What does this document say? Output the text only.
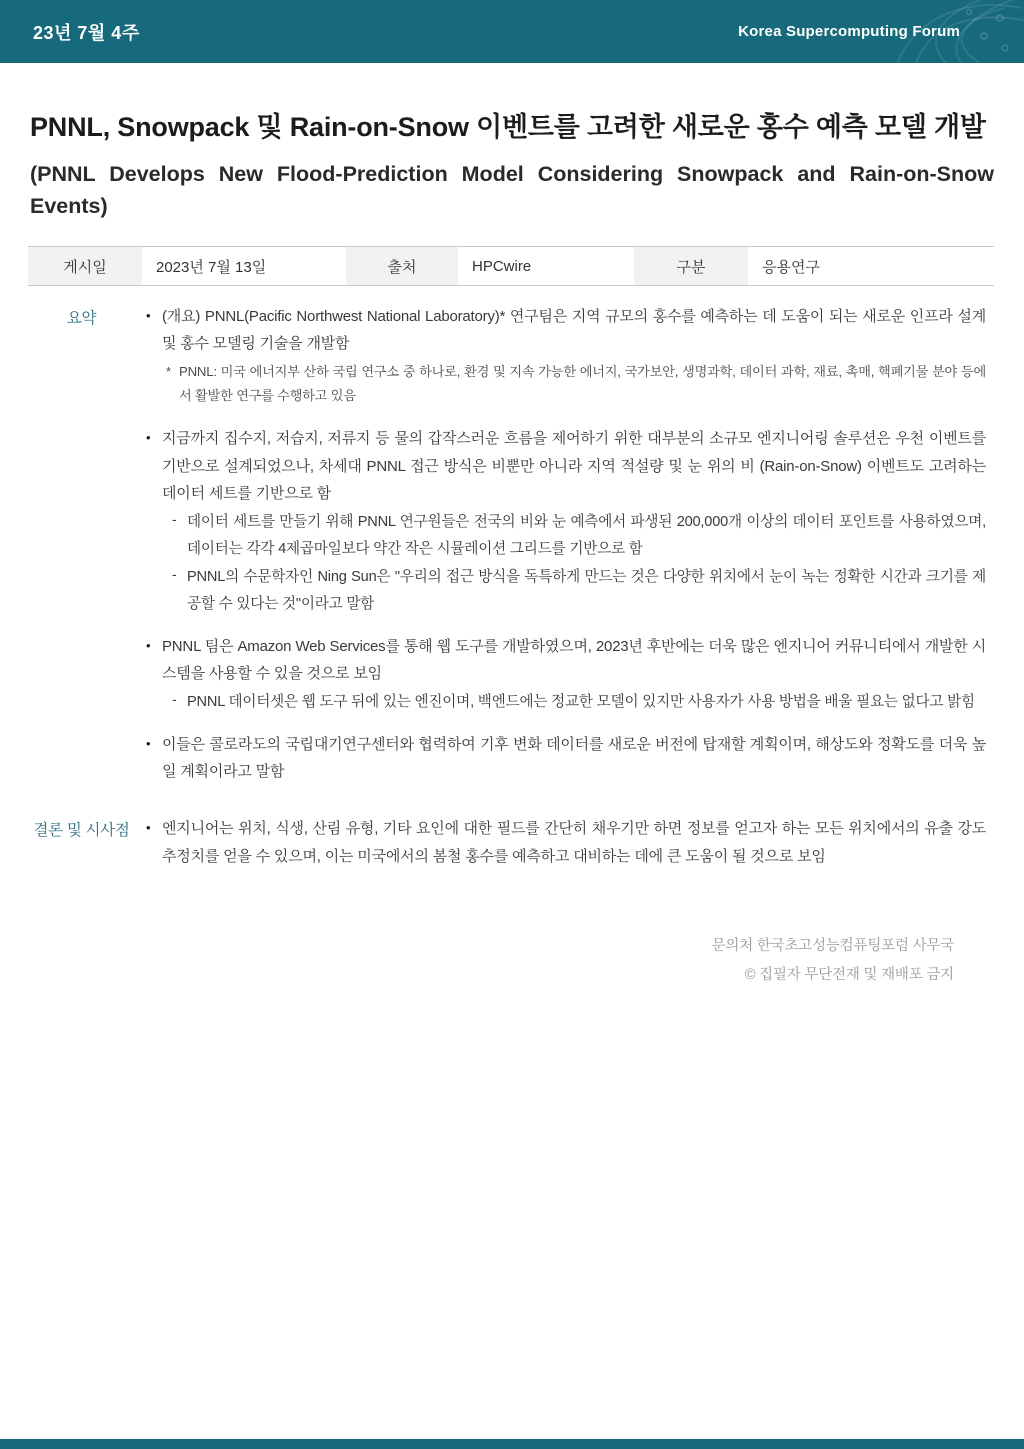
23년 7월 4주	Korea Supercomputing Forum
PNNL, Snowpack 및 Rain-on-Snow 이벤트를 고려한 새로운 홍수 예측 모델 개발
(PNNL Develops New Flood-Prediction Model Considering Snowpack and Rain-on-Snow Events)
게시일	2023년 7월 13일	출처	HPCwire	구분	응용연구
요약	• (개요) PNNL(Pacific Northwest National Laboratory)* 연구팀은 지역 규모의 홍수를 예측하는 데 도움이 되는 새로운 인프라 설계 및 홍수 모델링 기술을 개발함
* PNNL: 미국 에너지부 산하 국립 연구소 중 하나로, 환경 및 지속 가능한 에너지, 국가보안, 생명과학, 데이터 과학, 재료, 촉매, 핵폐기물 분야 등에서 활발한 연구를 수행하고 있음
• 지금까지 집수지, 저습지, 저류지 등 물의 갑작스러운 흐름을 제어하기 위한 대부분의 소규모 엔지니어링 솔루션은 우천 이벤트를 기반으로 설계되었으나, 차세대 PNNL 접근 방식은 비뿐만 아니라 지역 적설량 및 눈 위의 비 (Rain-on-Snow) 이벤트도 고려하는 데이터 세트를 기반으로 함
- 데이터 세트를 만들기 위해 PNNL 연구원들은 전국의 비와 눈 예측에서 파생된 200,000개 이상의 데이터 포인트를 사용하였으며, 데이터는 각각 4제곱마일보다 약간 작은 시뮬레이션 그리드를 기반으로 함
- PNNL의 수문학자인 Ning Sun은 "우리의 접근 방식을 독특하게 만드는 것은 다양한 위치에서 눈이 녹는 정확한 시간과 크기를 제공할 수 있다는 것"이라고 말함
• PNNL 팀은 Amazon Web Services를 통해 웹 도구를 개발하였으며, 2023년 후반에는 더욱 많은 엔지니어 커뮤니티에서 개발한 시스템을 사용할 수 있을 것으로 보임
- PNNL 데이터셋은 웹 도구 뒤에 있는 엔진이며, 백엔드에는 정교한 모델이 있지만 사용자가 사용 방법을 배울 필요는 없다고 밝힘
• 이들은 콜로라도의 국립대기연구센터와 협력하여 기후 변화 데이터를 새로운 버전에 탑재할 계획이며, 해상도와 정확도를 더욱 높일 계획이라고 말함
결론 및 시사점 • 엔지니어는 위치, 식생, 산림 유형, 기타 요인에 대한 필드를 간단히 채우기만 하면 정보를 얻고자 하는 모든 위치에서의 유출 강도 추정치를 얻을 수 있으며, 이는 미국에서의 봄철 홍수를 예측하고 대비하는 데에 큰 도움이 될 것으로 보임
문의처 한국초고성능컴퓨팅포럼 사무국
© 집필자 무단전재 및 재배포 금지
